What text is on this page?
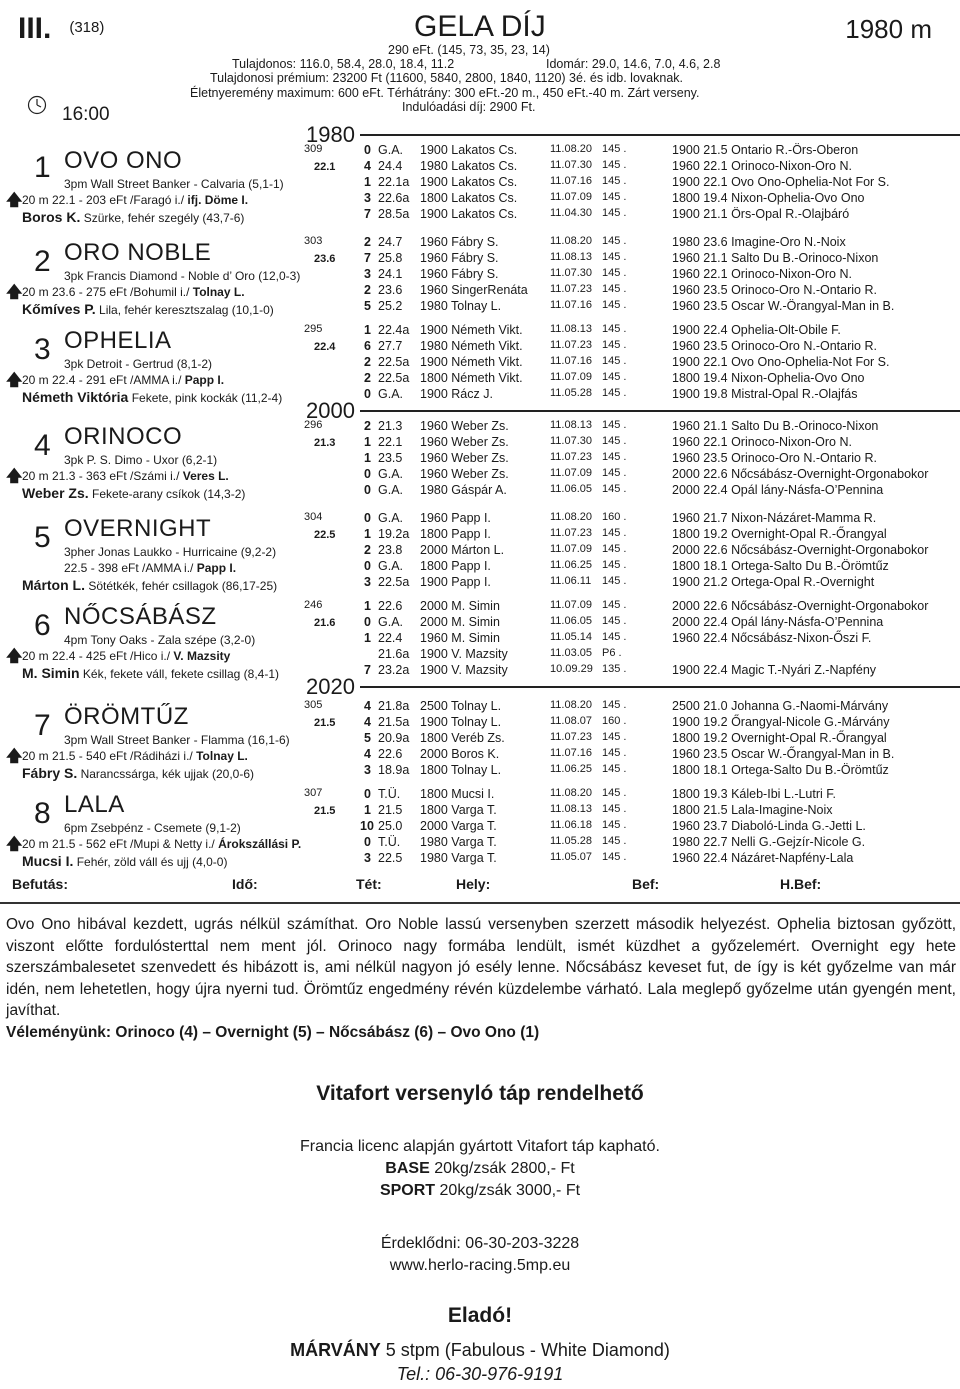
III. $^{(318)}$	GELA DÍJ	1980 m
290 eFt. (145, 73, 35, 23, 14)
Tulajdonos: 116.0, 58.4, 28.0, 18.4, 11.2	Idomár: 29.0, 14.6, 7.0, 4.6, 2.8
Tulajdonosi prémium: 23200 Ft (11600, 5840, 2800, 1840, 1120) 3é. és idb. lovaknak.
Életnyeremény maximum: 600 eFt. Térhátrány: 300 eFt.-20 m., 450 eFt.-40 m. Zárt verseny.
Indulóadási díj: 2900 Ft.
16:00
1980
2000
2020
1 OVO ONO
3pm Wall Street Banker - Calvaria (5,1-1)
🡅 20 m 22.1 - 203 eFt /Faragó i./ ifj. Döme I.
Boros K. Szürke, fehér szegély (43,7-6)
22.1
309	0 G.A. 1900 Lakatos Cs.	11.08.20 145 .	1900 21.5 Ontario R.-Örs-Oberon
4 24.4 1980 Lakatos Cs.	11.07.30 145 .	1960 22.1 Orinoco-Nixon-Oro N.
1 22.1a 1900 Lakatos Cs.	11.07.16 145 .	1900 22.1 Ovo Ono-Ophelia-Not For S.
3 22.6a 1800 Lakatos Cs.	11.07.09 145 .	1800 19.4 Nixon-Ophelia-Ovo Ono
7 28.5a 1900 Lakatos Cs.	11.04.30 145 .	1900 21.1 Örs-Opal R.-Olajbáró
2 ORO NOBLE
3pk Francis Diamond - Noble d’ Oro (12,0-3)
🡅 20 m 23.6 - 275 eFt /Bohumil i./ Tolnay L.
Kőmíves P. Lila, fehér keresztszalag (10,1-0)
23.6
303	2 24.7 1960 Fábry S.	11.08.20 145 .	1980 23.6 Imagine-Oro N.-Noix
7 25.8 1960 Fábry S.	11.08.13 145 .	1960 21.1 Salto Du B.-Orinoco-Nixon
3 24.1 1960 Fábry S.	11.07.30 145 .	1960 22.1 Orinoco-Nixon-Oro N.
2 23.6 1960 SingerRenáta 11.07.23 145 .	1960 23.5 Orinoco-Oro N.-Ontario R.
5 25.2 1980 Tolnay L.	11.07.16 145 .	1960 23.5 Oscar W.-Örangyal-Man in B.
3 OPHELIA
3pk Detroit - Gertrud (8,1-2)
🡅 20 m 22.4 - 291 eFt /AMMA i./ Papp I.
Németh Viktória Fekete, pink kockák (11,2-4)
22.4
295	1 22.4a 1900 Németh Vikt. 11.08.13 145 .	1900 22.4 Ophelia-Olt-Obile F.
6 27.7 1980 Németh Vikt. 11.07.23 145 .	1960 23.5 Orinoco-Oro N.-Ontario R.
2 22.5a 1900 Németh Vikt. 11.07.16 145 .	1900 22.1 Ovo Ono-Ophelia-Not For S.
2 22.5a 1800 Németh Vikt. 11.07.09 145 .	1800 19.4 Nixon-Ophelia-Ovo Ono
0 G.A. 1900 Rácz J.	11.05.28 145 .	1900 19.8 Mistral-Opal R.-Olajfás
4 ORINOCO
3pk P. S. Dimo - Uxor (6,2-1)
🡅 20 m 21.3 - 363 eFt /Számi i./ Veres L.
Weber Zs. Fekete-arany csíkok (14,3-2)
21.3
296	2 21.3 1960 Weber Zs.	11.08.13 145 .	1960 21.1 Salto Du B.-Orinoco-Nixon
1 22.1 1960 Weber Zs.	11.07.30 145 .	1960 22.1 Orinoco-Nixon-Oro N.
1 23.5 1960 Weber Zs.	11.07.23 145 .	1960 23.5 Orinoco-Oro N.-Ontario R.
0 G.A. 1960 Weber Zs.	11.07.09 145 .	2000 22.6 Nőcsábász-Overnight-Orgonabokor
0 G.A. 1980 Gáspár A.	11.06.05 145 .	2000 22.4 Opál lány-Násfa-O’Pennina
5 OVERNIGHT
3pher Jonas Laukko - Hurricaine (9,2-2)
22.5 - 398 eFt /AMMA i./ Papp I.
Márton L. Sötétkék, fehér csillagok (86,17-25)
22.5
304	0 G.A. 1960 Papp I.	11.08.20 160 .	1960 21.7 Nixon-Názáret-Mamma R.
1 19.2a 1800 Papp I.	11.07.23 145 .	1800 19.2 Overnight-Opal R.-Őrangyal
2 23.8 2000 Márton L.	11.07.09 145 .	2000 22.6 Nőcsábász-Overnight-Orgonabokor
0 G.A. 1800 Papp I.	11.06.25 145 .	1800 18.1 Ortega-Salto Du B.-Örömtűz
3 22.5a 1900 Papp I.	11.06.11 145 .	1900 21.2 Ortega-Opal R.-Overnight
6 NŐCSÁBÁSZ
4pm Tony Oaks - Zala szépe (3,2-0)
🡅 20 m 22.4 - 425 eFt /Hico i./ V. Mazsity
M. Simin Kék, fekete váll, fekete csillag (8,4-1)
21.6
246	1 22.6 2000 M. Simin	11.07.09 145 .	2000 22.6 Nőcsábász-Overnight-Orgonabokor
0 G.A. 2000 M. Simin	11.06.05 145 .	2000 22.4 Opál lány-Násfa-O’Pennina
1 22.4 1960 M. Simin	11.05.14 145 .	1960 22.4 Nőcsábász-Nixon-Őszi F.
21.6a 1900 V. Mazsity	11.03.05 P6 .
7 23.2a 1900 V. Mazsity	10.09.29 135 .	1900 22.4 Magic T.-Nyári Z.-Napfény
7 ÖRÖMTŰZ
3pm Wall Street Banker - Flamma (16,1-6)
🡅 20 m 21.5 - 540 eFt /Rádiházi i./ Tolnay L.
Fábry S. Narancssárga, kék ujjak (20,0-6)
21.5
305	4 21.8a 2500 Tolnay L.	11.08.20 145 .	2500 21.0 Johanna G.-Naomi-Márvány
4 21.5a 1900 Tolnay L.	11.08.07 160 .	1900 19.2 Őrangyal-Nicole G.-Márvány
5 20.9a 1800 Veréb Zs.	11.07.23 145 .	1800 19.2 Overnight-Opal R.-Őrangyal
4 22.6 2000 Boros K.	11.07.16 145 .	1960 23.5 Oscar W.-Őrangyal-Man in B.
3 18.9a 1800 Tolnay L.	11.06.25 145 .	1800 18.1 Ortega-Salto Du B.-Örömtűz
8 LALA
6pm Zsebpénz - Csemete (9,1-2)
🡅 20 m 21.5 - 562 eFt /Mupi & Netty i./ Árokszállási P.
Mucsi I. Fehér, zöld váll és ujj (4,0-0)
21.5
307	0 T.Ü. 1800 Mucsi I.	11.08.20 145 .	1800 19.3 Káleb-Ibi L.-Lutri F.
1 21.5 1800 Varga T.	11.08.13 145 .	1800 21.5 Lala-Imagine-Noix
10 25.0 2000 Varga T.	11.06.18 145 .	1960 23.7 Diaboló-Linda G.-Jetti L.
0 T.Ü. 1980 Varga T.	11.05.28 145 .	1980 22.7 Nelli G.-Gejzír-Nicole G.
3 22.5 1980 Varga T.	11.05.07 145 .	1960 22.4 Názáret-Napfény-Lala
Befutás:	Idő:	Tét:	Hely:	Bef:	H.Bef:
Ovo Ono hibával kezdett, ugrás nélkül számíthat. Oro Noble lassú versenyben szerzett második helyezést. Ophelia biztosan győzött, viszont előtte fordulósterttal nem ment jól. Orinoco nagy formába lendült, ismét küzdhet a győzelemért. Overnight egy hete szerszámbalesetet szenvedett és hibázott is, ami nélkül nagyon jó esély lenne. Nőcsábász keveset fut, de így is két győzelme van már idén, nem lehetetlen, hogy újra nyerni tud. Örömtűz engedmény révén küzdelembe várható. Lala meglepő győzelme után gyengén ment, javíthat.
Véleményünk: Orinoco (4) – Overnight (5) – Nőcsábász (6) – Ovo Ono (1)
Vitafort versenyló táp rendelhető
Francia licenc alapján gyártott Vitafort táp kapható.
BASE 20kg/zsák 2800,- Ft
SPORT 20kg/zsák 3000,- Ft
Érdeklődni: 06-30-203-3228
www.herlo-racing.5mp.eu
Eladó!
MÁRVÁNY 5 stpm (Fabulous - White Diamond)
Tel.: 06-30-976-9191
